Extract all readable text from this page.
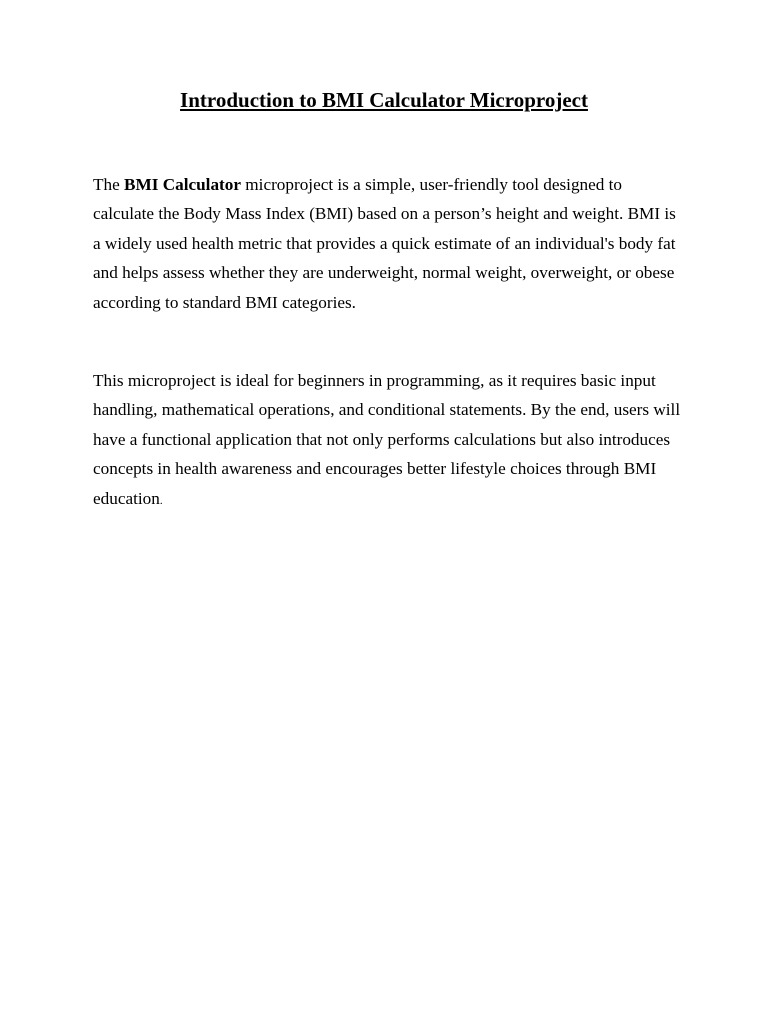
Introduction to BMI Calculator Microproject

The BMI Calculator microproject is a simple, user-friendly tool designed to calculate the Body Mass Index (BMI) based on a person’s height and weight. BMI is a widely used health metric that provides a quick estimate of an individual's body fat and helps assess whether they are underweight, normal weight, overweight, or obese according to standard BMI categories.

This microproject is ideal for beginners in programming, as it requires basic input handling, mathematical operations, and conditional statements. By the end, users will have a functional application that not only performs calculations but also introduces concepts in health awareness and encourages better lifestyle choices through BMI education.
